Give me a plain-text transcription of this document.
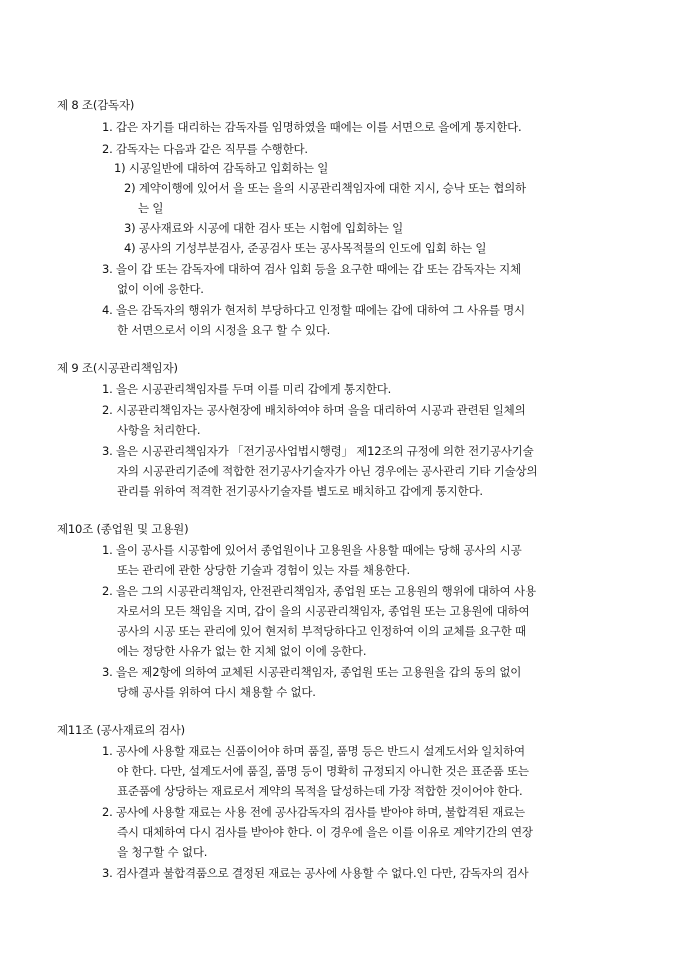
제 8 조(감독자)
1. 갑은 자기를 대리하는 감독자를 임명하였을 때에는 이를 서면으로 을에게 통지한다.
2. 감독자는 다음과 같은 직무를 수행한다.
1) 시공일반에 대하여 감독하고 입회하는 일
2) 계약이행에 있어서 을 또는 을의 시공관리책임자에 대한 지시, 승낙 또는 협의하
는 일
3) 공사재료와 시공에 대한 검사 또는 시험에 입회하는 일
4) 공사의 기성부분검사, 준공검사 또는 공사목적물의 인도에 입회 하는 일
3. 을이 갑 또는 감독자에 대하여 검사 입회 등을 요구한 때에는 갑 또는 감독자는 지체
없이 이에 응한다.
4. 을은 감독자의 행위가 현저히 부당하다고 인정할 때에는 갑에 대하여 그 사유를 명시
한 서면으로서 이의 시정을 요구 할 수 있다.
제 9 조(시공관리책임자)
1. 을은 시공관리책임자를 두며 이를 미리 갑에게 통지한다.
2. 시공관리책임자는 공사현장에 배치하여야 하며 을을 대리하여 시공과 관련된 일체의
사항을 처리한다.
3. 을은 시공관리책임자가 「전기공사업법시행령」 제12조의 규정에 의한 전기공사기술
자의 시공관리기준에 적합한 전기공사기술자가 아닌 경우에는 공사관리 기타 기술상의
관리를 위하여 적격한 전기공사기술자를 별도로 배치하고 갑에게 통지한다.
제10조 (종업원 및 고용원)
1. 을이 공사를 시공함에 있어서 종업원이나 고용원을 사용할 때에는 당해 공사의 시공
또는 관리에 관한 상당한 기술과 경험이 있는 자를 채용한다.
2. 을은 그의 시공관리책임자, 안전관리책임자, 종업원 또는 고용원의 행위에 대하여 사용
자로서의 모든 책임을 지며, 갑이 을의 시공관리책임자, 종업원 또는 고용원에 대하여
공사의 시공 또는 관리에 있어 현저히 부적당하다고 인정하여 이의 교체를 요구한 때
에는 정당한 사유가 없는 한 지체 없이 이에 응한다.
3. 을은 제2항에 의하여 교체된 시공관리책임자, 종업원 또는 고용원을 갑의 동의 없이
당해 공사를 위하여 다시 채용할 수 없다.
제11조 (공사재료의 검사)
1. 공사에 사용할 재료는 신품이어야 하며 품질, 품명 등은 반드시 설계도서와 일치하여
야 한다. 다만, 설계도서에 품질, 품명 등이 명확히 규정되지 아니한 것은 표준품 또는
표준품에 상당하는 재료로서 계약의 목적을 달성하는데 가장 적합한 것이어야 한다.
2. 공사에 사용할 재료는 사용 전에 공사감독자의 검사를 받아야 하며, 불합격된 재료는
즉시 대체하여 다시 검사를 받아야 한다. 이 경우에 을은 이를 이유로 계약기간의 연장
을 청구할 수 없다.
3. 검사결과 불합격품으로 결정된 재료는 공사에 사용할 수 없다.인 다만, 감독자의 검사
